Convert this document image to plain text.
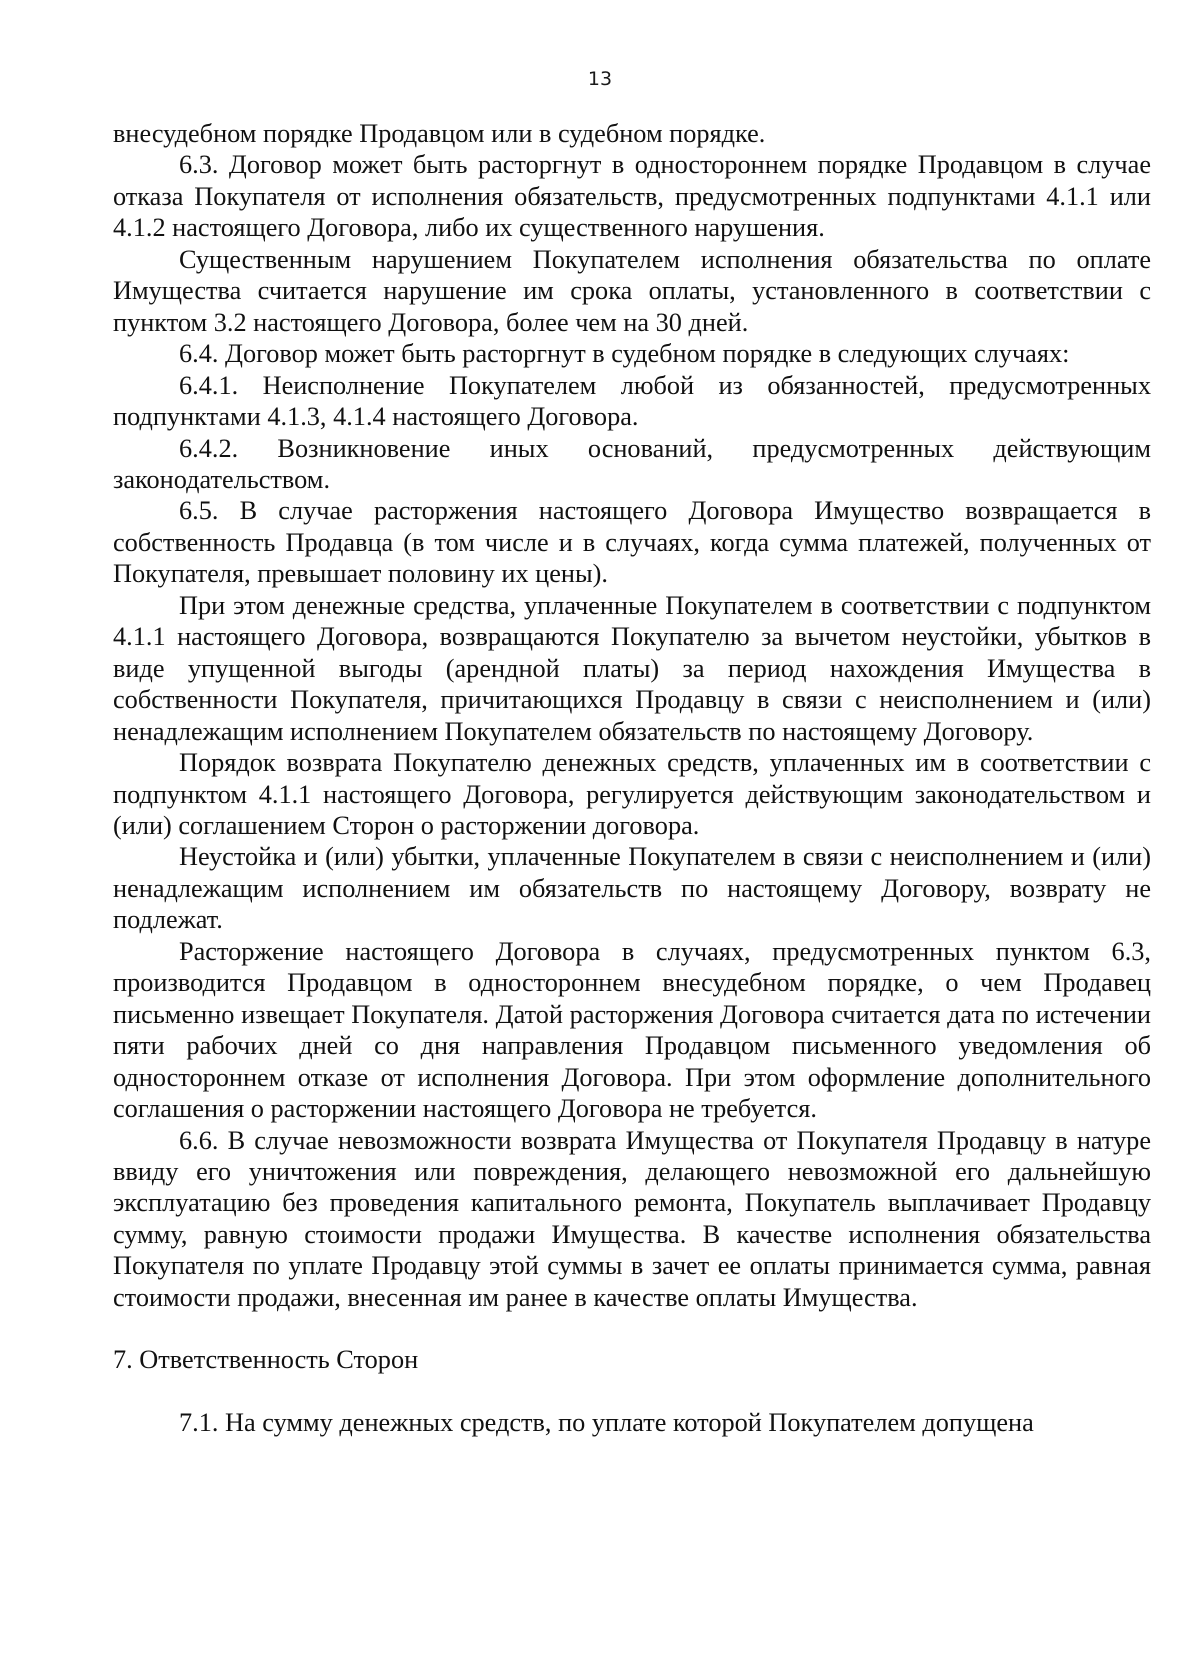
13

внесудебном порядке Продавцом или в судебном порядке.

6.3. Договор может быть расторгнут в одностороннем порядке Продавцом в случае отказа Покупателя от исполнения обязательств, предусмотренных подпунктами 4.1.1 или 4.1.2 настоящего Договора, либо их существенного нарушения.

Существенным нарушением Покупателем исполнения обязательства по оплате Имущества считается нарушение им срока оплаты, установленного в соответствии с пунктом 3.2 настоящего Договора, более чем на 30 дней.

6.4. Договор может быть расторгнут в судебном порядке в следующих случаях:

6.4.1. Неисполнение Покупателем любой из обязанностей, предусмотренных подпунктами 4.1.3, 4.1.4 настоящего Договора.

6.4.2. Возникновение иных оснований, предусмотренных действующим законодательством.

6.5. В случае расторжения настоящего Договора Имущество возвращается в собственность Продавца (в том числе и в случаях, когда сумма платежей, полученных от Покупателя, превышает половину их цены).

При этом денежные средства, уплаченные Покупателем в соответствии с подпунктом 4.1.1 настоящего Договора, возвращаются Покупателю за вычетом неустойки, убытков в виде упущенной выгоды (арендной платы) за период нахождения Имущества в собственности Покупателя, причитающихся Продавцу в связи с неисполнением и (или) ненадлежащим исполнением Покупателем обязательств по настоящему Договору.

Порядок возврата Покупателю денежных средств, уплаченных им в соответствии с подпунктом 4.1.1 настоящего Договора, регулируется действующим законодательством и (или) соглашением Сторон о расторжении договора.

Неустойка и (или) убытки, уплаченные Покупателем в связи с неисполнением и (или) ненадлежащим исполнением им обязательств по настоящему Договору, возврату не подлежат.

Расторжение настоящего Договора в случаях, предусмотренных пунктом 6.3, производится Продавцом в одностороннем внесудебном порядке, о чем Продавец письменно извещает Покупателя. Датой расторжения Договора считается дата по истечении пяти рабочих дней со дня направления Продавцом письменного уведомления об одностороннем отказе от исполнения Договора. При этом оформление дополнительного соглашения о расторжении настоящего Договора не требуется.

6.6. В случае невозможности возврата Имущества от Покупателя Продавцу в натуре ввиду его уничтожения или повреждения, делающего невозможной его дальнейшую эксплуатацию без проведения капитального ремонта, Покупатель выплачивает Продавцу сумму, равную стоимости продажи Имущества. В качестве исполнения обязательства Покупателя по уплате Продавцу этой суммы в зачет ее оплаты принимается сумма, равная стоимости продажи, внесенная им ранее в качестве оплаты Имущества.

7. Ответственность Сторон

7.1. На сумму денежных средств, по уплате которой Покупателем допущена
